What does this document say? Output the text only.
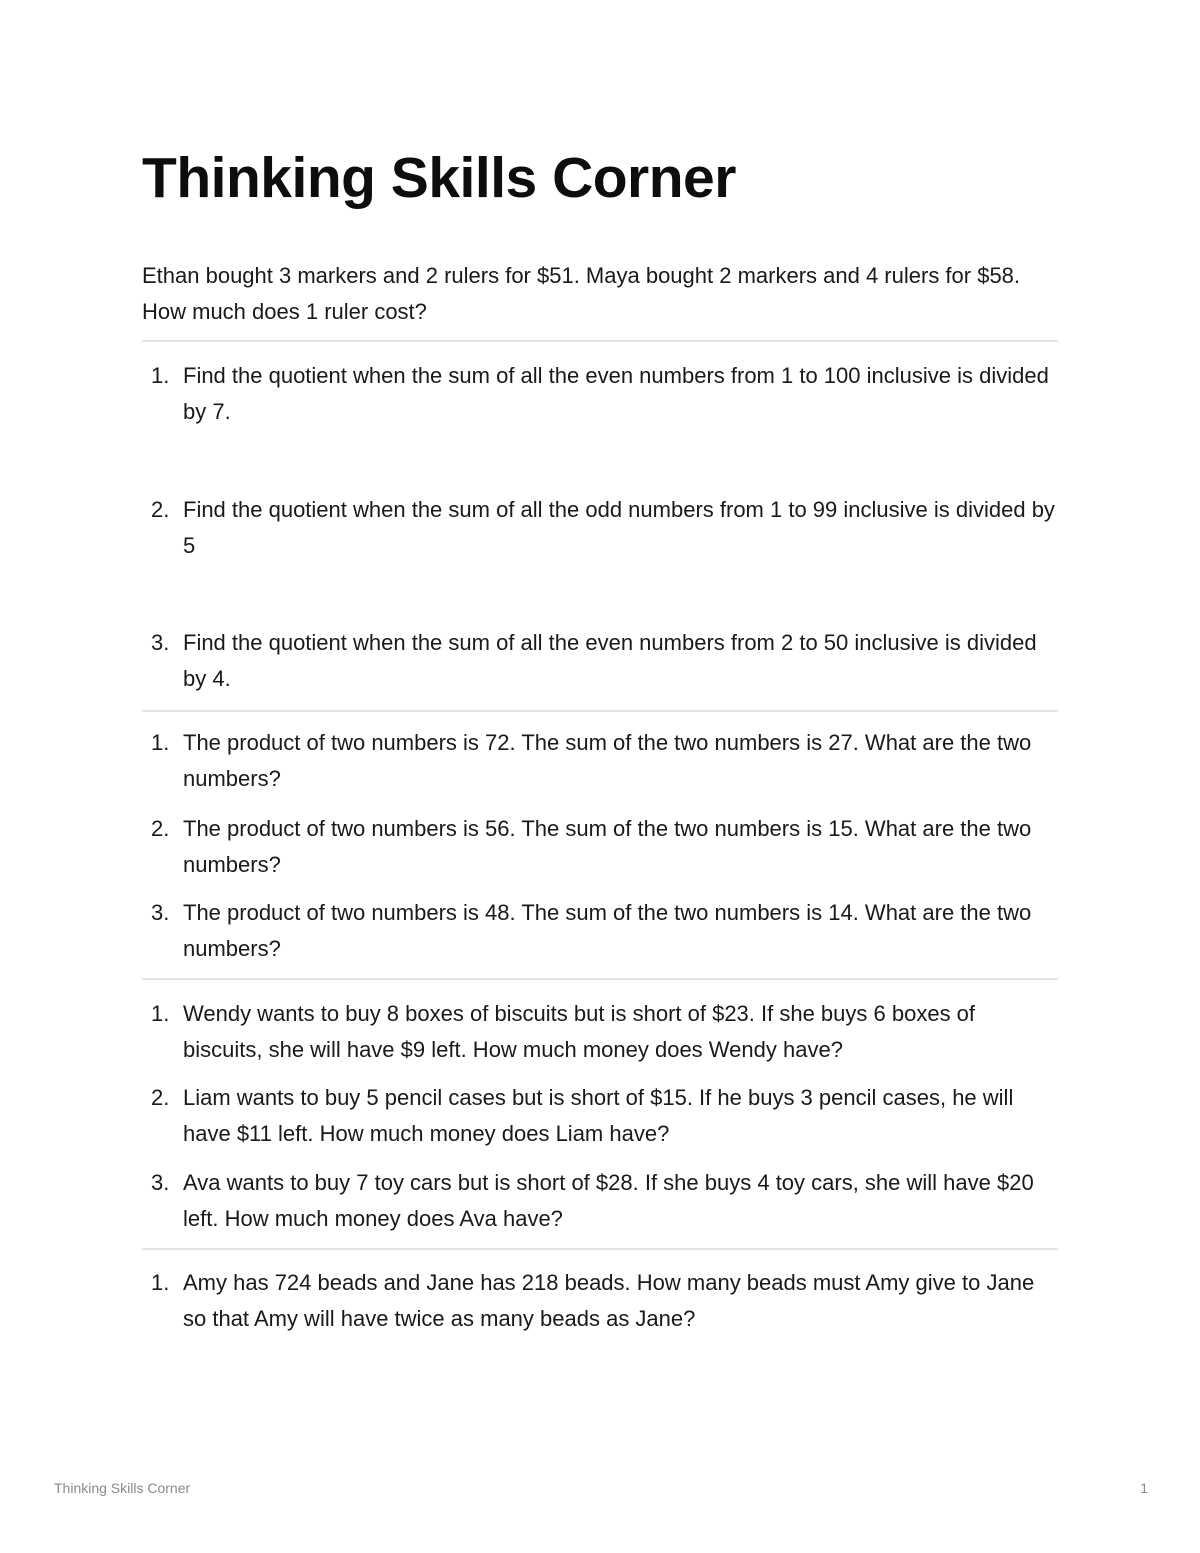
Thinking Skills Corner

Ethan bought 3 markers and 2 rulers for $51. Maya bought 2 markers and 4 rulers for $58. How much does 1 ruler cost?

1. Find the quotient when the sum of all the even numbers from 1 to 100 inclusive is divided by 7.
2. Find the quotient when the sum of all the odd numbers from 1 to 99 inclusive is divided by 5
3. Find the quotient when the sum of all the even numbers from 2 to 50 inclusive is divided by 4.
1. The product of two numbers is 72. The sum of the two numbers is 27. What are the two numbers?
2. The product of two numbers is 56. The sum of the two numbers is 15. What are the two numbers?
3. The product of two numbers is 48. The sum of the two numbers is 14. What are the two numbers?
1. Wendy wants to buy 8 boxes of biscuits but is short of $23. If she buys 6 boxes of biscuits, she will have $9 left. How much money does Wendy have?
2. Liam wants to buy 5 pencil cases but is short of $15. If he buys 3 pencil cases, he will have $11 left. How much money does Liam have?
3. Ava wants to buy 7 toy cars but is short of $28. If she buys 4 toy cars, she will have $20 left. How much money does Ava have?
1. Amy has 724 beads and Jane has 218 beads. How many beads must Amy give to Jane so that Amy will have twice as many beads as Jane?
Thinking Skills Corner	1
